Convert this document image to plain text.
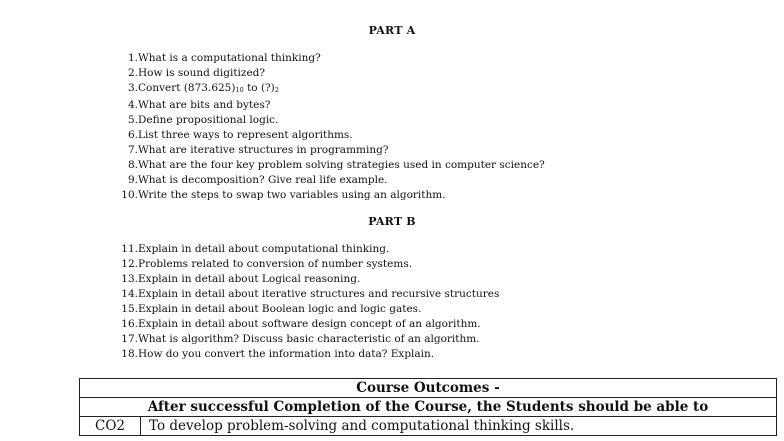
PART A
1. What is a computational thinking?
2. How is sound digitized?
3. Convert $(873.625)_{10}$ to $(?)_2$
4. What are bits and bytes?
5. Define propositional logic.
6. List three ways to represent algorithms.
7. What are iterative structures in programming?
8. What are the four key problem solving strategies used in computer science?
9. What is decomposition? Give real life example.
10. Write the steps to swap two variables using an algorithm.
PART B
11. Explain in detail about computational thinking.
12. Problems related to conversion of number systems.
13. Explain in detail about Logical reasoning.
14. Explain in detail about iterative structures and recursive structures
15. Explain in detail about Boolean logic and logic gates.
16. Explain in detail about software design concept of an algorithm.
17. What is algorithm? Discuss basic characteristic of an algorithm.
18. How do you convert the information into data? Explain.
Course Outcomes -
After successful Completion of the Course, the Students should be able to
CO2	To develop problem-solving and computational thinking skills.
